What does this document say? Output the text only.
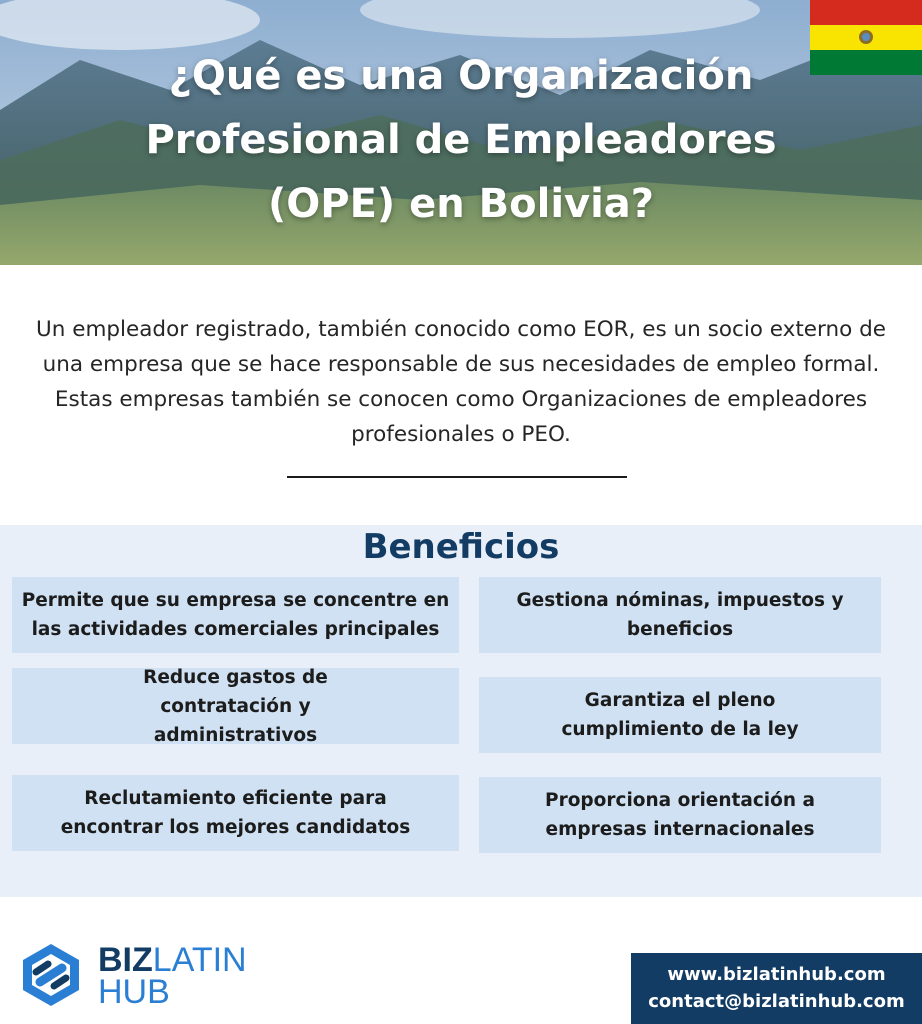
¿Qué es una Organización
Profesional de Empleadores
(OPE) en Bolivia?
Un empleador registrado, también conocido como EOR, es un socio externo de una empresa que se hace responsable de sus necesidades de empleo formal. Estas empresas también se conocen como Organizaciones de empleadores profesionales o PEO.
Beneficios
Permite que su empresa se concentre en las actividades comerciales principales
Reduce gastos de contratación y administrativos
Reclutamiento eficiente para encontrar los mejores candidatos
Gestiona nóminas, impuestos y beneficios
Garantiza el pleno cumplimiento de la ley
Proporciona orientación a empresas internacionales
BIZLATIN
HUB	www.bizlatinhub.com
contact@bizlatinhub.com
